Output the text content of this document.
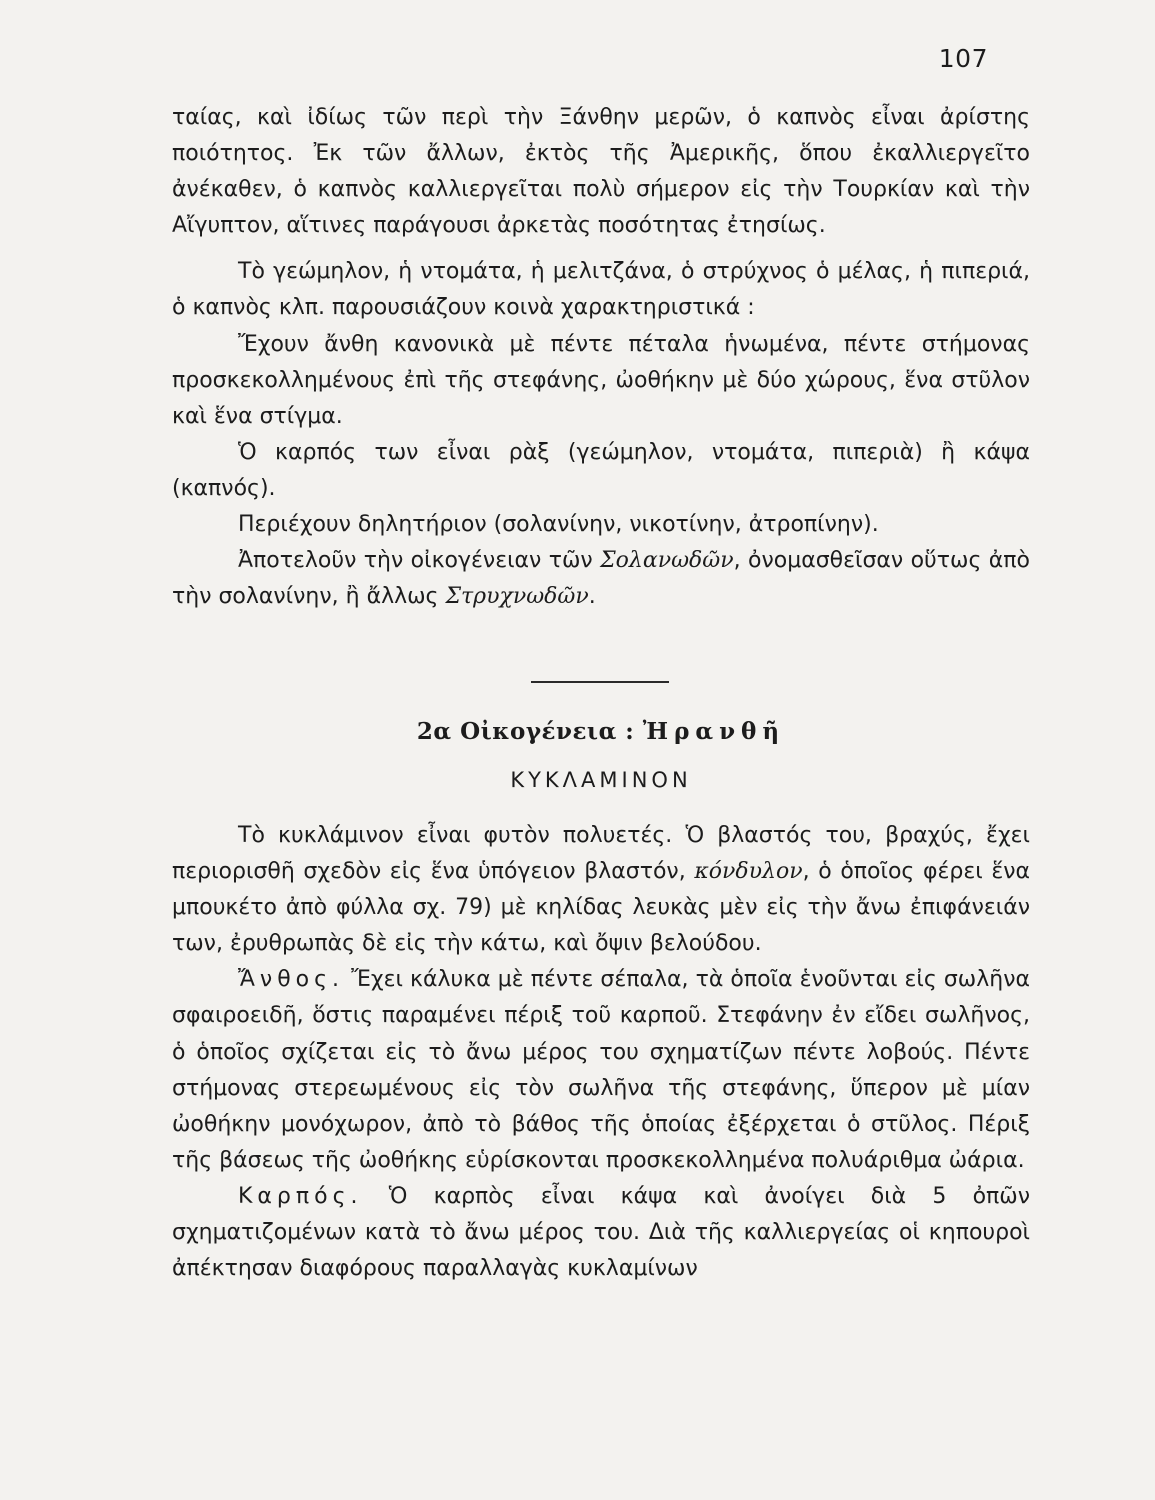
107

ταίας, καὶ ἰδίως τῶν περὶ τὴν Ξάνθην μερῶν, ὁ καπνὸς εἶναι ἀρίστης ποιότητος. Ἐκ τῶν ἄλλων, ἐκτὸς τῆς Ἀμερικῆς, ὅπου ἐκαλλιεργεῖτο ἀνέκαθεν, ὁ καπνὸς καλλιεργεῖται πολὺ σήμερον εἰς τὴν Τουρκίαν καὶ τὴν Αἴγυπτον, αἵτινες παράγουσι ἀρκετὰς ποσότητας ἐτησίως.

Τὸ γεώμηλον, ἡ ντομάτα, ἡ μελιτζάνα, ὁ στρύχνος ὁ μέλας, ἡ πιπεριά, ὁ καπνὸς κλπ. παρουσιάζουν κοινὰ χαρακτηριστικά :

Ἔχουν ἄνθη κανονικὰ μὲ πέντε πέταλα ἡνωμένα, πέντε στήμονας προσκεκολλημένους ἐπὶ τῆς στεφάνης, ὠοθήκην μὲ δύο χώρους, ἕνα στῦλον καὶ ἕνα στίγμα.

Ὁ καρπός των εἶναι ρὰξ (γεώμηλον, ντομάτα, πιπεριὰ) ἢ κάψα (καπνός).

Περιέχουν δηλητήριον (σολανίνην, νικοτίνην, ἀτροπίνην).

Ἀποτελοῦν τὴν οἰκογένειαν τῶν Σολανωδῶν, ὀνομασθεῖσαν οὕτως ἀπὸ τὴν σολανίνην, ἢ ἄλλως Στρυχνωδῶν.

2α Οἰκογένεια : Ἠρανθῆ
ΚΥΚΛΑΜΙΝΟΝ

Τὸ κυκλάμινον εἶναι φυτὸν πολυετές. Ὁ βλαστός του, βραχύς, ἔχει περιορισθῆ σχεδὸν εἰς ἕνα ὑπόγειον βλαστόν, κόνδυλον, ὁ ὁποῖος φέρει ἕνα μπουκέτο ἀπὸ φύλλα σχ. 79) μὲ κηλίδας λευκὰς μὲν εἰς τὴν ἄνω ἐπιφάνειάν των, ἐρυθρωπὰς δὲ εἰς τὴν κάτω, καὶ ὄψιν βελούδου.

Ἄνθος. Ἔχει κάλυκα μὲ πέντε σέπαλα, τὰ ὁποῖα ἑνοῦνται εἰς σωλῆνα σφαιροειδῆ, ὅστις παραμένει πέριξ τοῦ καρποῦ. Στεφάνην ἐν εἴδει σωλῆνος, ὁ ὁποῖος σχίζεται εἰς τὸ ἄνω μέρος του σχηματίζων πέντε λοβούς. Πέντε στήμονας στερεωμένους εἰς τὸν σωλῆνα τῆς στεφάνης, ὕπερον μὲ μίαν ὠοθήκην μονόχωρον, ἀπὸ τὸ βάθος τῆς ὁποίας ἐξέρχεται ὁ στῦλος. Πέριξ τῆς βάσεως τῆς ὠοθήκης εὑρίσκονται προσκεκολλημένα πολυάριθμα ὠάρια.

Καρπός. Ὁ καρπὸς εἶναι κάψα καὶ ἀνοίγει διὰ 5 ὀπῶν σχηματιζομένων κατὰ τὸ ἄνω μέρος του. Διὰ τῆς καλλιεργείας οἱ κηπουροὶ ἀπέκτησαν διαφόρους παραλλαγὰς κυκλαμίνων
